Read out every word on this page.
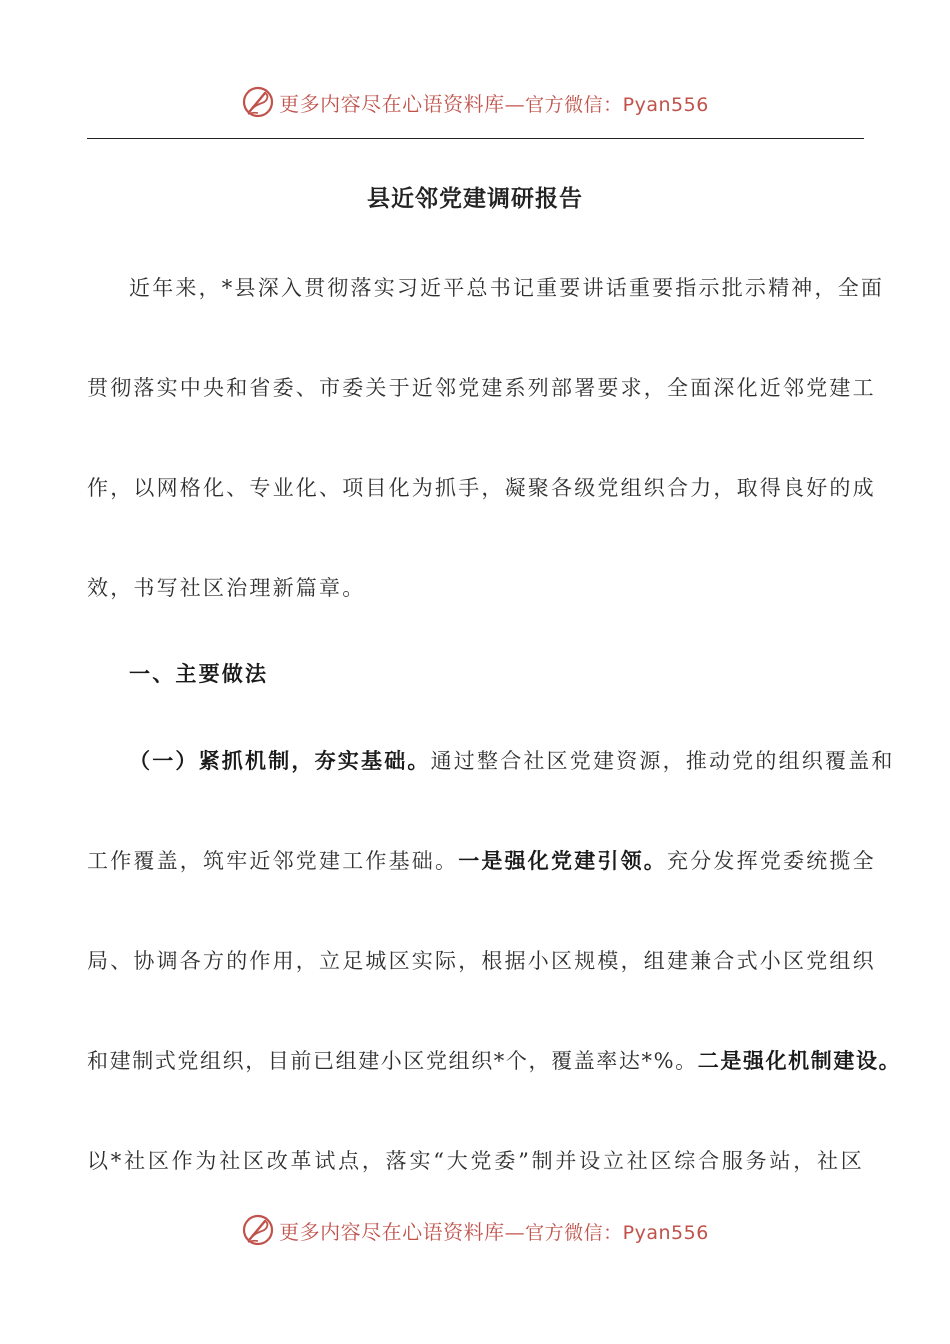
更多内容尽在心语资料库—官方微信：Pyan556
县近邻党建调研报告
近年来，*县深入贯彻落实习近平总书记重要讲话重要指示批示精神，全面
贯彻落实中央和省委、市委关于近邻党建系列部署要求，全面深化近邻党建工
作，以网格化、专业化、项目化为抓手，凝聚各级党组织合力，取得良好的成
效，书写社区治理新篇章。
一、主要做法
（一）紧抓机制，夯实基础。通过整合社区党建资源，推动党的组织覆盖和
工作覆盖，筑牢近邻党建工作基础。一是强化党建引领。充分发挥党委统揽全
局、协调各方的作用，立足城区实际，根据小区规模，组建兼合式小区党组织
和建制式党组织，目前已组建小区党组织*个，覆盖率达*%。二是强化机制建设。
以*社区作为社区改革试点，落实“大党委”制并设立社区综合服务站，社区
更多内容尽在心语资料库—官方微信：Pyan556
